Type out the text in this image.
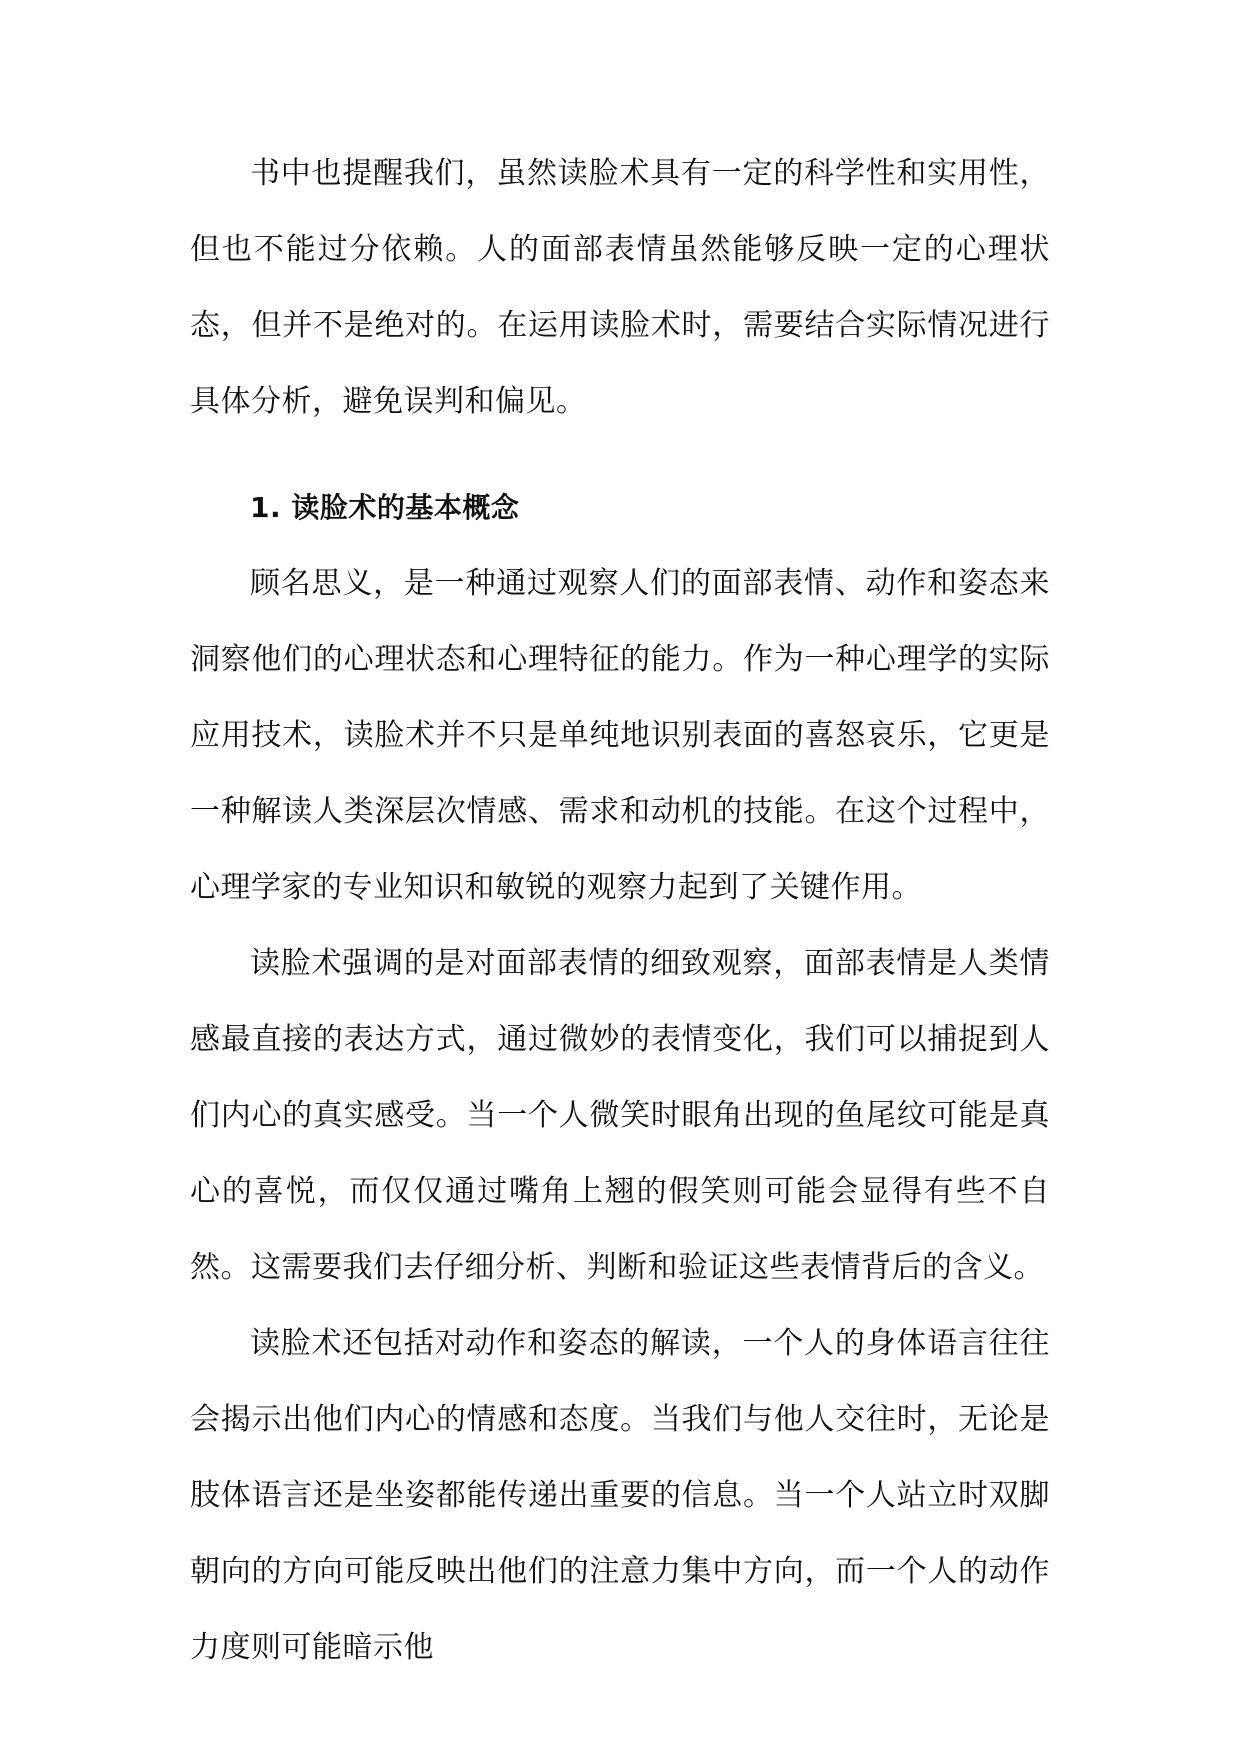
书中也提醒我们，虽然读脸术具有一定的科学性和实用性，但也不能过分依赖。人的面部表情虽然能够反映一定的心理状态，但并不是绝对的。在运用读脸术时，需要结合实际情况进行具体分析，避免误判和偏见。

1. 读脸术的基本概念

顾名思义，是一种通过观察人们的面部表情、动作和姿态来洞察他们的心理状态和心理特征的能力。作为一种心理学的实际应用技术，读脸术并不只是单纯地识别表面的喜怒哀乐，它更是一种解读人类深层次情感、需求和动机的技能。在这个过程中，心理学家的专业知识和敏锐的观察力起到了关键作用。

读脸术强调的是对面部表情的细致观察，面部表情是人类情感最直接的表达方式，通过微妙的表情变化，我们可以捕捉到人们内心的真实感受。当一个人微笑时眼角出现的鱼尾纹可能是真心的喜悦，而仅仅通过嘴角上翘的假笑则可能会显得有些不自然。这需要我们去仔细分析、判断和验证这些表情背后的含义。

读脸术还包括对动作和姿态的解读，一个人的身体语言往往会揭示出他们内心的情感和态度。当我们与他人交往时，无论是肢体语言还是坐姿都能传递出重要的信息。当一个人站立时双脚朝向的方向可能反映出他们的注意力集中方向，而一个人的动作力度则可能暗示他
